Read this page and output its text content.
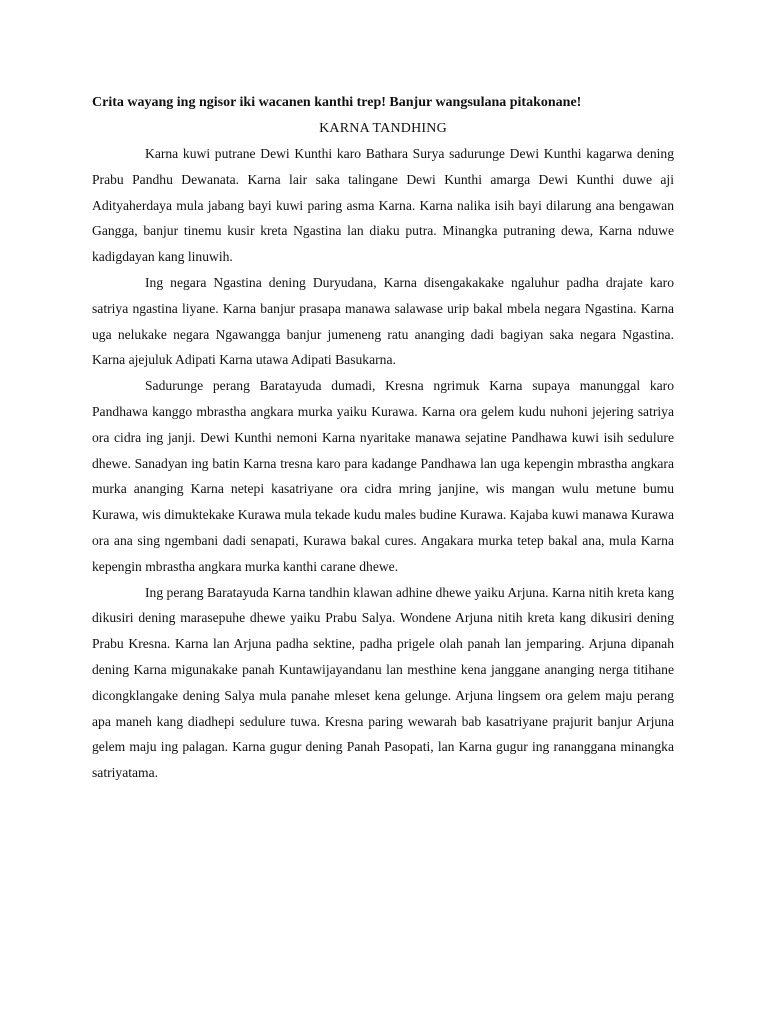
Crita wayang ing ngisor iki wacanen kanthi trep! Banjur wangsulana pitakonane!

KARNA TANDHING

Karna kuwi putrane Dewi Kunthi karo Bathara Surya sadurunge Dewi Kunthi kagarwa dening Prabu Pandhu Dewanata. Karna lair saka talingane Dewi Kunthi amarga Dewi Kunthi duwe aji Adityaherdaya mula jabang bayi kuwi paring asma Karna. Karna nalika isih bayi dilarung ana bengawan Gangga, banjur tinemu kusir kreta Ngastina lan diaku putra. Minangka putraning dewa, Karna nduwe kadigdayan kang linuwih.

Ing negara Ngastina dening Duryudana, Karna disengakakake ngaluhur padha drajate karo satriya ngastina liyane. Karna banjur prasapa manawa salawase urip bakal mbela negara Ngastina. Karna uga nelukake negara Ngawangga banjur jumeneng ratu ananging dadi bagiyan saka negara Ngastina. Karna ajejuluk Adipati Karna utawa Adipati Basukarna.

Sadurunge perang Baratayuda dumadi, Kresna ngrimuk Karna supaya manunggal karo Pandhawa kanggo mbrastha angkara murka yaiku Kurawa. Karna ora gelem kudu nuhoni jejering satriya ora cidra ing janji. Dewi Kunthi nemoni Karna nyaritake manawa sejatine Pandhawa kuwi isih sedulure dhewe. Sanadyan ing batin Karna tresna karo para kadange Pandhawa lan uga kepengin mbrastha angkara murka ananging Karna netepi kasatriyane ora cidra mring janjine, wis mangan wulu metune bumu Kurawa, wis dimuktekake Kurawa mula tekade kudu males budine Kurawa. Kajaba kuwi manawa Kurawa ora ana sing ngembani dadi senapati, Kurawa bakal cures. Angakara murka tetep bakal ana, mula Karna kepengin mbrastha angkara murka kanthi carane dhewe.

Ing perang Baratayuda Karna tandhin klawan adhine dhewe yaiku Arjuna. Karna nitih kreta kang dikusiri dening marasepuhe dhewe yaiku Prabu Salya. Wondene Arjuna nitih kreta kang dikusiri dening Prabu Kresna. Karna lan Arjuna padha sektine, padha prigele olah panah lan jemparing. Arjuna dipanah dening Karna migunakake panah Kuntawijayandanu lan mesthine kena janggane ananging nerga titihane dicongklangake dening Salya mula panahe mleset kena gelunge. Arjuna lingsem ora gelem maju perang apa maneh kang diadhepi sedulure tuwa. Kresna paring wewarah bab kasatriyane prajurit banjur Arjuna gelem maju ing palagan. Karna gugur dening Panah Pasopati, lan Karna gugur ing rananggana minangka satriyatama.
